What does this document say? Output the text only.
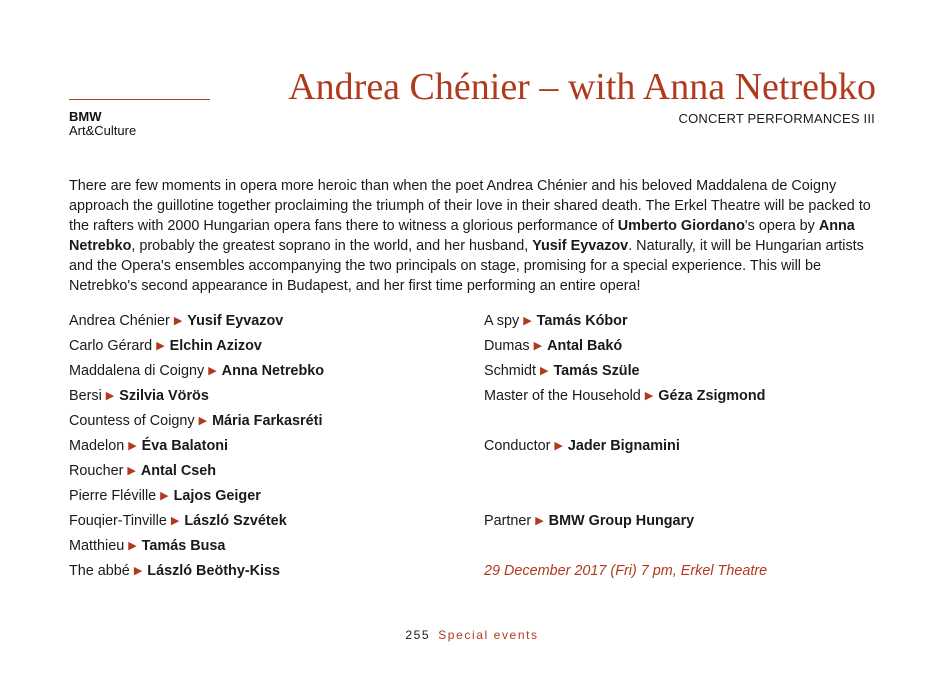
Andrea Chénier – with Anna Netrebko
CONCERT PERFORMANCES III
BMW
Art&Culture

There are few moments in opera more heroic than when the poet Andrea Chénier and his beloved Maddalena de Coigny approach the guillotine together proclaiming the triumph of their love in their shared death. The Erkel Theatre will be packed to the rafters with 2000 Hungarian opera fans there to witness a glorious performance of Umberto Giordano's opera by Anna Netrebko, probably the greatest soprano in the world, and her husband, Yusif Eyvazov. Naturally, it will be Hungarian artists and the Opera's ensembles accompanying the two principals on stage, promising for a special experience. This will be Netrebko's second appearance in Budapest, and her first time performing an entire opera!

Andrea Chénier ▶ Yusif Eyvazov
Carlo Gérard ▶ Elchin Azizov
Maddalena di Coigny ▶ Anna Netrebko
Bersi ▶ Szilvia Vörös
Countess of Coigny ▶ Mária Farkasréti
Madelon ▶ Éva Balatoni
Roucher ▶ Antal Cseh
Pierre Fléville ▶ Lajos Geiger
Fouqier-Tinville ▶ László Szvétek
Matthieu ▶ Tamás Busa
The abbé ▶ László Beöthy-Kiss
A spy ▶ Tamás Kóbor
Dumas ▶ Antal Bakó
Schmidt ▶ Tamás Szüle
Master of the Household ▶ Géza Zsigmond
Conductor ▶ Jader Bignamini
Partner ▶ BMW Group Hungary
29 December 2017 (Fri) 7 pm, Erkel Theatre
255 Special events
